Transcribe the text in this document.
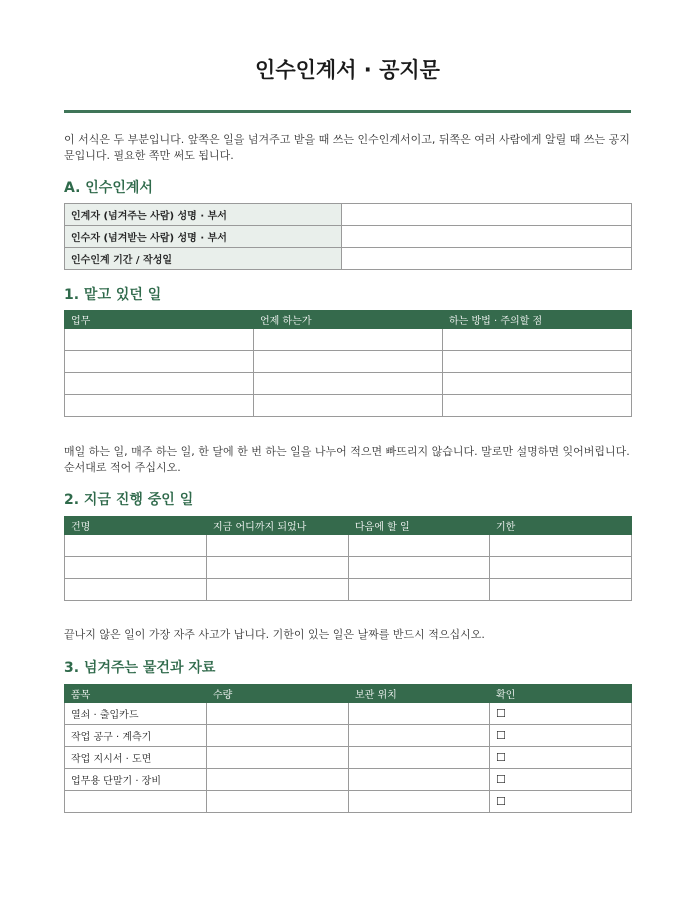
인수인계서 · 공지문
이 서식은 두 부분입니다. 앞쪽은 일을 넘겨주고 받을 때 쓰는 인수인계서이고, 뒤쪽은 여러 사람에게 알릴 때 쓰는 공지문입니다. 필요한 쪽만 써도 됩니다.
A. 인수인계서
인계자 (넘겨주는 사람) 성명 · 부서	
인수자 (넘겨받는 사람) 성명 · 부서	
인수인계 기간 / 작성일	
1. 맡고 있던 일
업무	언제 하는가	하는 방법 · 주의할 점

매일 하는 일, 매주 하는 일, 한 달에 한 번 하는 일을 나누어 적으면 빠뜨리지 않습니다. 말로만 설명하면 잊어버립니다. 순서대로 적어 주십시오.
2. 지금 진행 중인 일
건명	지금 어디까지 되었나	다음에 할 일	기한

끝나지 않은 일이 가장 자주 사고가 납니다. 기한이 있는 일은 날짜를 반드시 적으십시오.
3. 넘겨주는 물건과 자료
품목	수량	보관 위치	확인
열쇠 · 출입카드			☐
작업 공구 · 계측기			☐
작업 지시서 · 도면			☐
업무용 단말기 · 장비			☐
			☐
